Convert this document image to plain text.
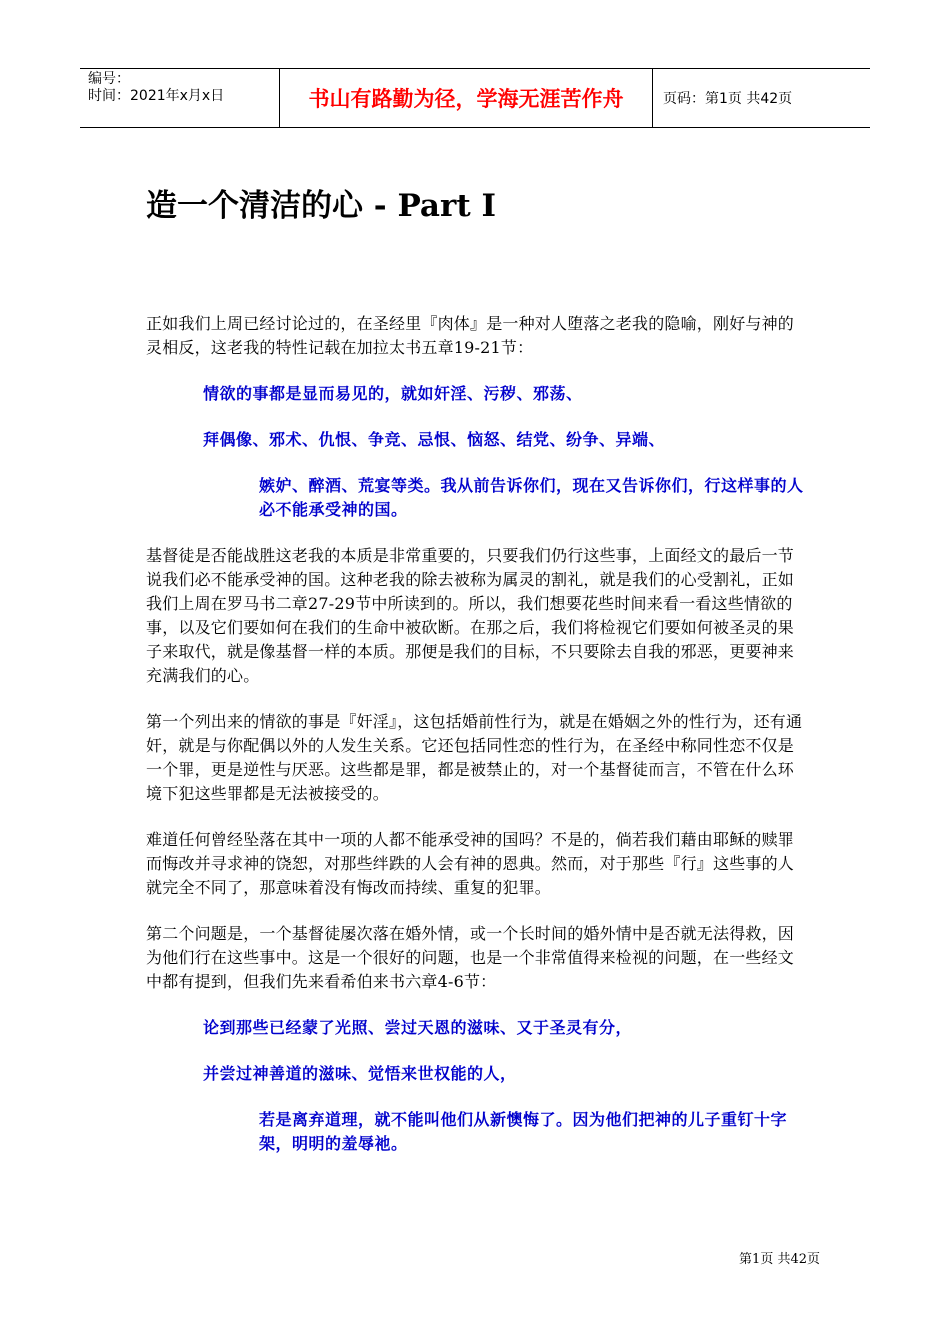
编号：
时间：2021年x月x日	书山有路勤为径，学海无涯苦作舟	页码：第1页 共42页
造一个清洁的心 - Part I

正如我们上周已经讨论过的，在圣经里『肉体』是一种对人堕落之老我的隐喻，刚好与神的灵相反，这老我的特性记载在加拉太书五章19-21节：

情欲的事都是显而易见的，就如奸淫、污秽、邪荡、
拜偶像、邪术、仇恨、争竞、忌恨、恼怒、结党、纷争、异端、
嫉妒、醉酒、荒宴等类。我从前告诉你们，现在又告诉你们，行这样事的人必不能承受神的国。

基督徒是否能战胜这老我的本质是非常重要的，只要我们仍行这些事，上面经文的最后一节说我们必不能承受神的国。这种老我的除去被称为属灵的割礼，就是我们的心受割礼，正如我们上周在罗马书二章27-29节中所读到的。所以，我们想要花些时间来看一看这些情欲的事，以及它们要如何在我们的生命中被砍断。在那之后，我们将检视它们要如何被圣灵的果子来取代，就是像基督一样的本质。那便是我们的目标，不只要除去自我的邪恶，更要神来充满我们的心。

第一个列出来的情欲的事是『奸淫』，这包括婚前性行为，就是在婚姻之外的性行为，还有通奸，就是与你配偶以外的人发生关系。它还包括同性恋的性行为，在圣经中称同性恋不仅是一个罪，更是逆性与厌恶。这些都是罪，都是被禁止的，对一个基督徒而言，不管在什么环境下犯这些罪都是无法被接受的。

难道任何曾经坠落在其中一项的人都不能承受神的国吗？不是的，倘若我们藉由耶稣的赎罪而悔改并寻求神的饶恕，对那些绊跌的人会有神的恩典。然而，对于那些『行』这些事的人就完全不同了，那意味着没有悔改而持续、重复的犯罪。

第二个问题是，一个基督徒屡次落在婚外情，或一个长时间的婚外情中是否就无法得救，因为他们行在这些事中。这是一个很好的问题，也是一个非常值得来检视的问题，在一些经文中都有提到，但我们先来看希伯来书六章4-6节：

论到那些已经蒙了光照、尝过天恩的滋味、又于圣灵有分，
并尝过神善道的滋味、觉悟来世权能的人，
若是离弃道理，就不能叫他们从新懊悔了。因为他们把神的儿子重钉十字架，明明的羞辱祂。
第1页 共42页
